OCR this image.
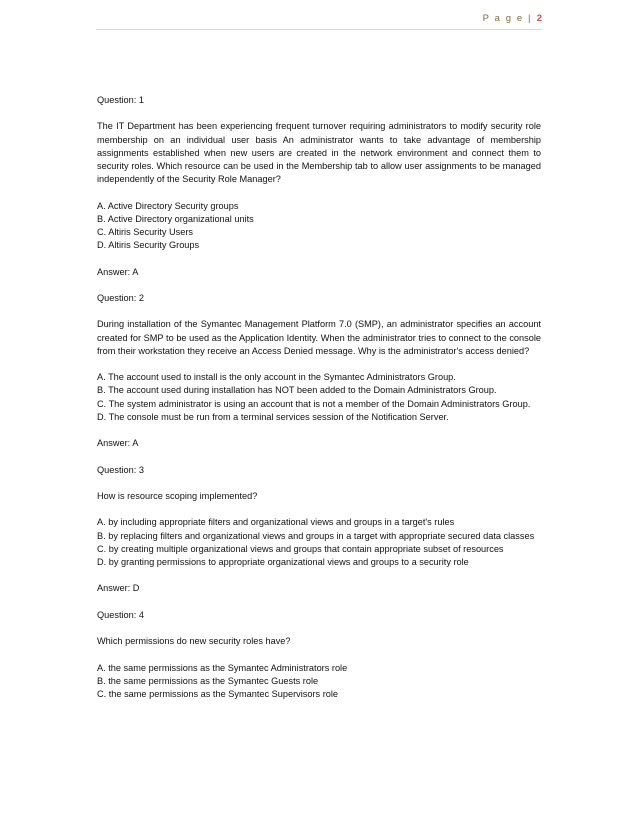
P a g e | 2
Question: 1

The IT Department has been experiencing frequent turnover requiring administrators to modify security role membership on an individual user basis An administrator wants to take advantage of membership assignments established when new users are created in the network environment and connect them to security roles. Which resource can be used in the Membership tab to allow user assignments to be managed independently of the Security Role Manager?

A. Active Directory Security groups
B. Active Directory organizational units
C. Altiris Security Users
D. Altiris Security Groups
Answer: A
Question: 2

During installation of the Symantec Management Platform 7.0 (SMP), an administrator specifies an account created for SMP to be used as the Application Identity. When the administrator tries to connect to the console from their workstation they receive an Access Denied message. Why is the administrator's access denied?

A. The account used to install is the only account in the Symantec Administrators Group.
B. The account used during installation has NOT been added to the Domain Administrators Group.
C. The system administrator is using an account that is not a member of the Domain Administrators Group.
D. The console must be run from a terminal services session of the Notification Server.
Answer: A
Question: 3

How is resource scoping implemented?

A. by including appropriate filters and organizational views and groups in a target's rules
B. by replacing filters and organizational views and groups in a target with appropriate secured data classes
C. by creating multiple organizational views and groups that contain appropriate subset of resources
D. by granting permissions to appropriate organizational views and groups to a security role
Answer: D
Question: 4

Which permissions do new security roles have?

A. the same permissions as the Symantec Administrators role
B. the same permissions as the Symantec Guests role
C. the same permissions as the Symantec Supervisors role
